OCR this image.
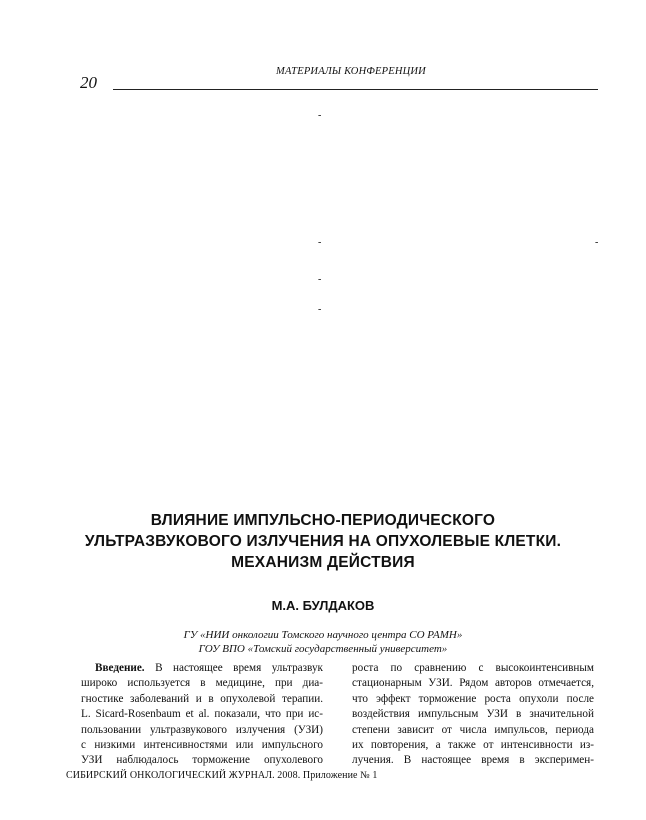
МАТЕРИАЛЫ КОНФЕРЕНЦИИ
20
-
-	-
-
-
ВЛИЯНИЕ ИМПУЛЬСНО-ПЕРИОДИЧЕСКОГО
УЛЬТРАЗВУКОВОГО ИЗЛУЧЕНИЯ НА ОПУХОЛЕВЫЕ КЛЕТКИ.
МЕХАНИЗМ ДЕЙСТВИЯ
М.А. БУЛДАКОВ
ГУ «НИИ онкологии Томского научного центра СО РАМН»
ГОУ ВПО «Томский государственный университет»
Введение. В настоящее время ультразвук
широко используется в медицине, при диа-
гностике заболеваний и в опухолевой терапии.
L. Sicard-Rosenbaum et al. показали, что при ис-
пользовании ультразвукового излучения (УЗИ)
с низкими интенсивностями или импульсного
УЗИ наблюдалось торможение опухолевого
роста по сравнению с высокоинтенсивным
стационарным УЗИ. Рядом авторов отмечается,
что эффект торможение роста опухоли после
воздействия импульсным УЗИ в значительной
степени зависит от числа импульсов, периода
их повторения, а также от интенсивности из-
лучения. В настоящее время в эксперимен-
СИБИРСКИЙ ОНКОЛОГИЧЕСКИЙ ЖУРНАЛ. 2008. Приложение № 1
